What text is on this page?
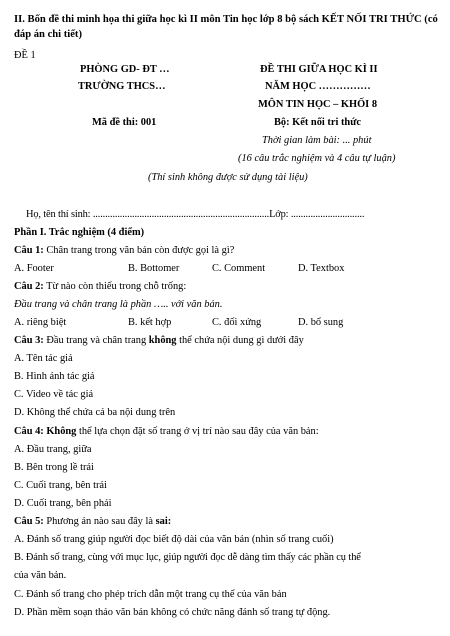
II. Bốn đề thi minh họa thi giữa học kì II môn Tin học lớp 8 bộ sách KẾT NỐI TRI THỨC (có đáp án chi tiết)
ĐỀ 1
PHÒNG GD- ĐT …
TRƯỜNG THCS…
Mã đề thi: 001
ĐỀ THI GIỮA HỌC KÌ II
NĂM HỌC ……………
MÔN TIN HỌC – KHỐI 8
Bộ: Kết nối tri thức
Thời gian làm bài: ... phút
(16 câu trắc nghiệm và 4 câu tự luận)
(Thí sinh không được sử dụng tài liệu)
Họ, tên thí sinh: ........................................................................Lớp: ..............................
Phần I. Trắc nghiệm (4 điểm)
Câu 1: Chân trang trong văn bản còn được gọi là gì?
A. Footer	B. Bottomer	C. Comment	D. Textbox
Câu 2: Từ nào còn thiếu trong chỗ trống:
Đầu trang và chân trang là phần ….. với văn bản.
A. riêng biệt	B. kết hợp	C. đối xứng	D. bổ sung
Câu 3: Đầu trang và chân trang không thể chứa nội dung gì dưới đây
A. Tên tác giả
B. Hình ảnh tác giả
C. Video về tác giả
D. Không thể chứa cả ba nội dung trên
Câu 4: Không thể lựa chọn đặt số trang ở vị trí nào sau đây của văn bản:
A. Đầu trang, giữa
B. Bên trong lề trái
C. Cuối trang, bên trái
D. Cuối trang, bên phải
Câu 5: Phương án nào sau đây là sai:
A. Đánh số trang giúp người đọc biết độ dài của văn bản (nhìn số trang cuối)
B. Đánh số trang, cùng với mục lục, giúp người đọc dễ dàng tìm thấy các phần cụ thể
của văn bản.
C. Đánh số trang cho phép trích dẫn một trang cụ thể của văn bản
D. Phần mềm soạn thảo văn bản không có chức năng đánh số trang tự động.
